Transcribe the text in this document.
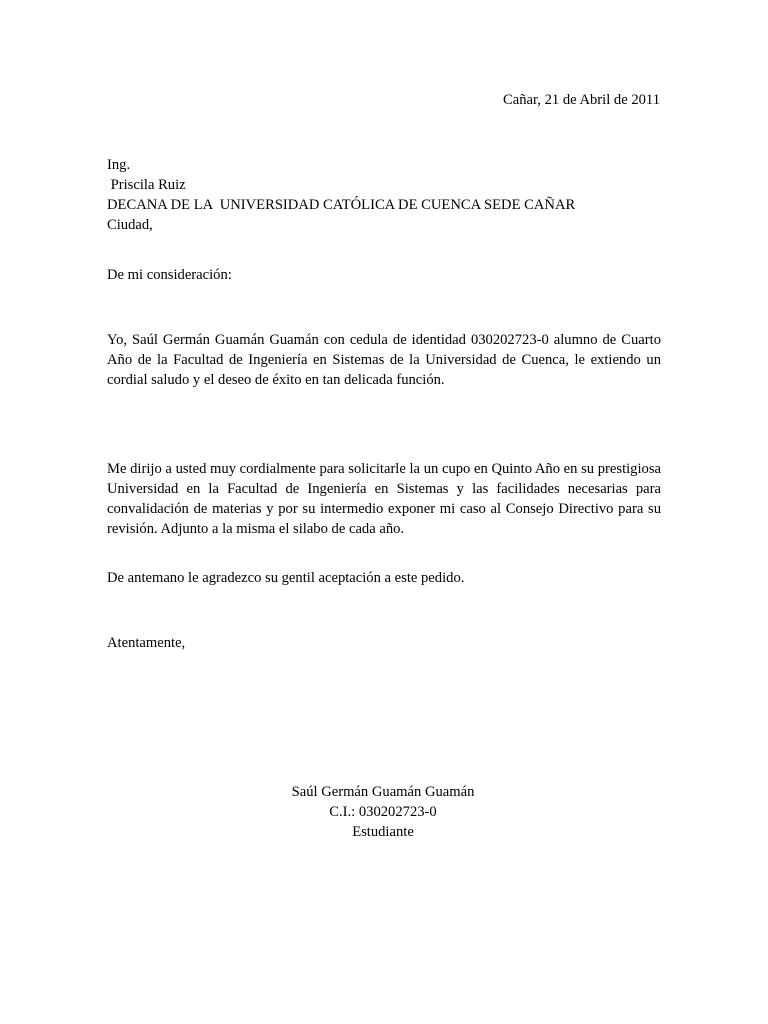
Cañar, 21 de Abril de 2011
Ing.
Priscila Ruiz
DECANA DE LA  UNIVERSIDAD CATÓLICA DE CUENCA SEDE CAÑAR
Ciudad,
De mi consideración:
Yo, Saúl Germán Guamán Guamán con cedula de identidad 030202723-0 alumno de Cuarto Año de la Facultad de Ingeniería en Sistemas de la Universidad de Cuenca, le extiendo un cordial saludo y el deseo de éxito en tan delicada función.
Me dirijo a usted muy cordialmente para solicitarle la un cupo en Quinto Año en su prestigiosa Universidad en la Facultad de Ingeniería en Sistemas y las facilidades necesarias para convalidación de materias y por su intermedio exponer mi caso al Consejo Directivo para su revisión. Adjunto a la misma el silabo de cada año.
De antemano le agradezco su gentil aceptación a este pedido.
Atentamente,
Saúl Germán Guamán Guamán
C.I.: 030202723-0
Estudiante
